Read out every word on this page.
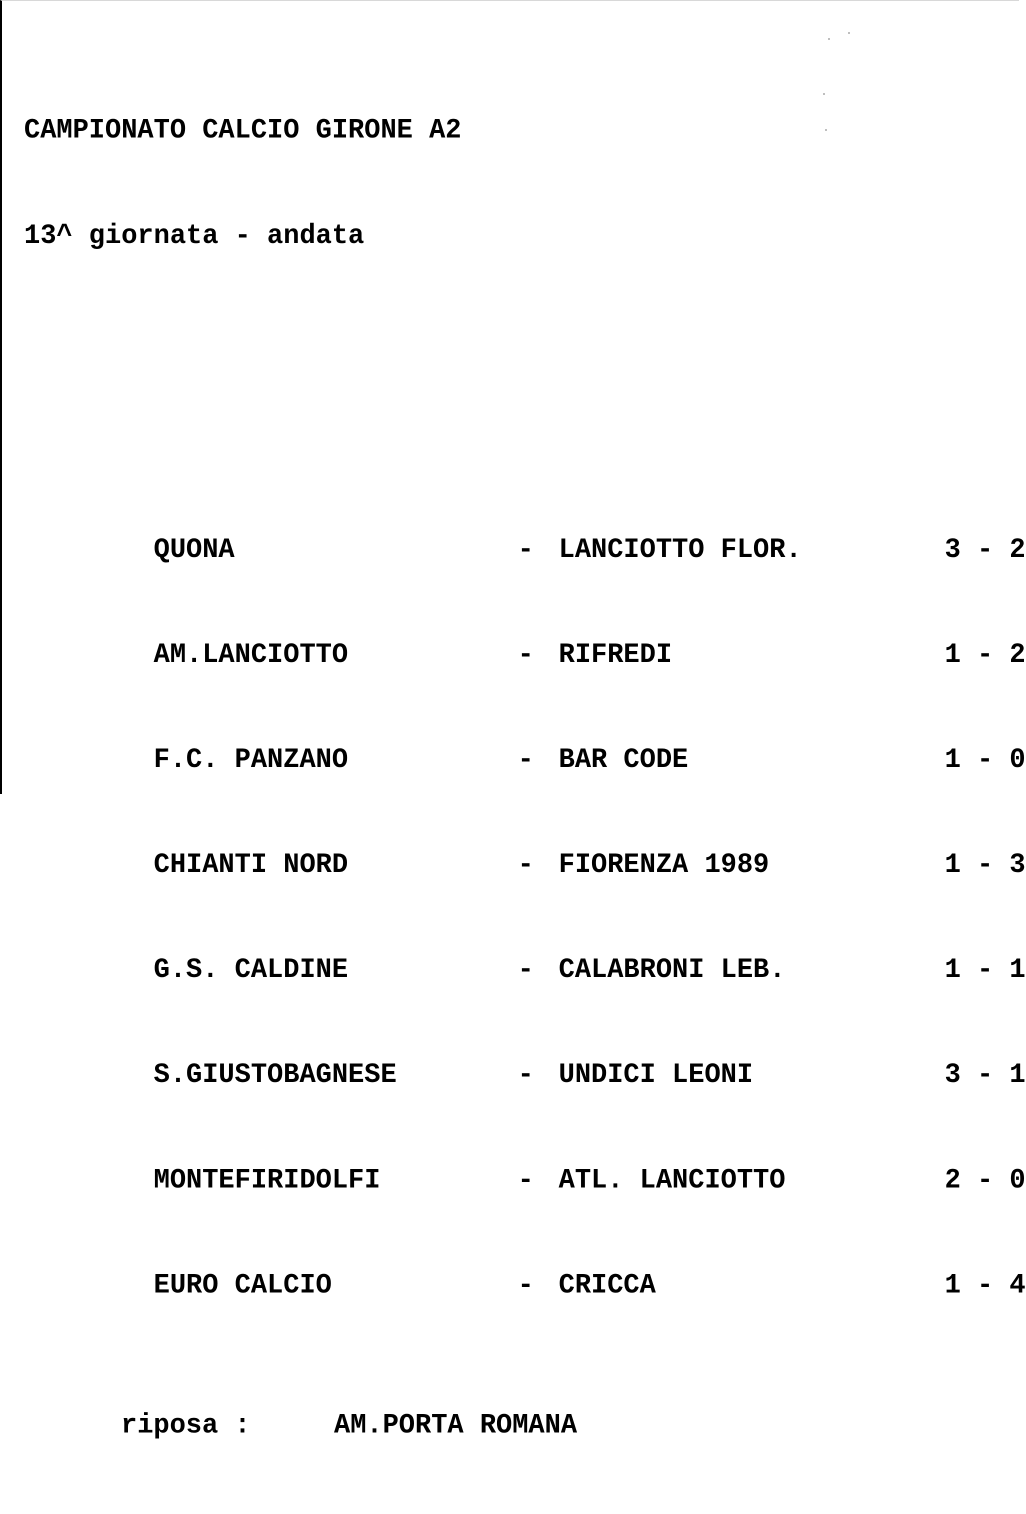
CAMPIONATO CALCIO GIRONE A2

13^ giornata - andata

QUONA	- LANCIOTTO FLOR.	3 - 2

AM.LANCIOTTO	- RIFREDI	1 - 2

F.C. PANZANO	- BAR CODE	1 - 0

CHIANTI NORD	- FIORENZA 1989	1 - 3

G.S. CALDINE	- CALABRONI LEB.	1 - 1

S.GIUSTOBAGNESE	- UNDICI LEONI	3 - 1

MONTEFIRIDOLFI	- ATL. LANCIOTTO	2 - 0

EURO CALCIO	- CRICCA	1 - 4

riposa :	AM.PORTA ROMANA
